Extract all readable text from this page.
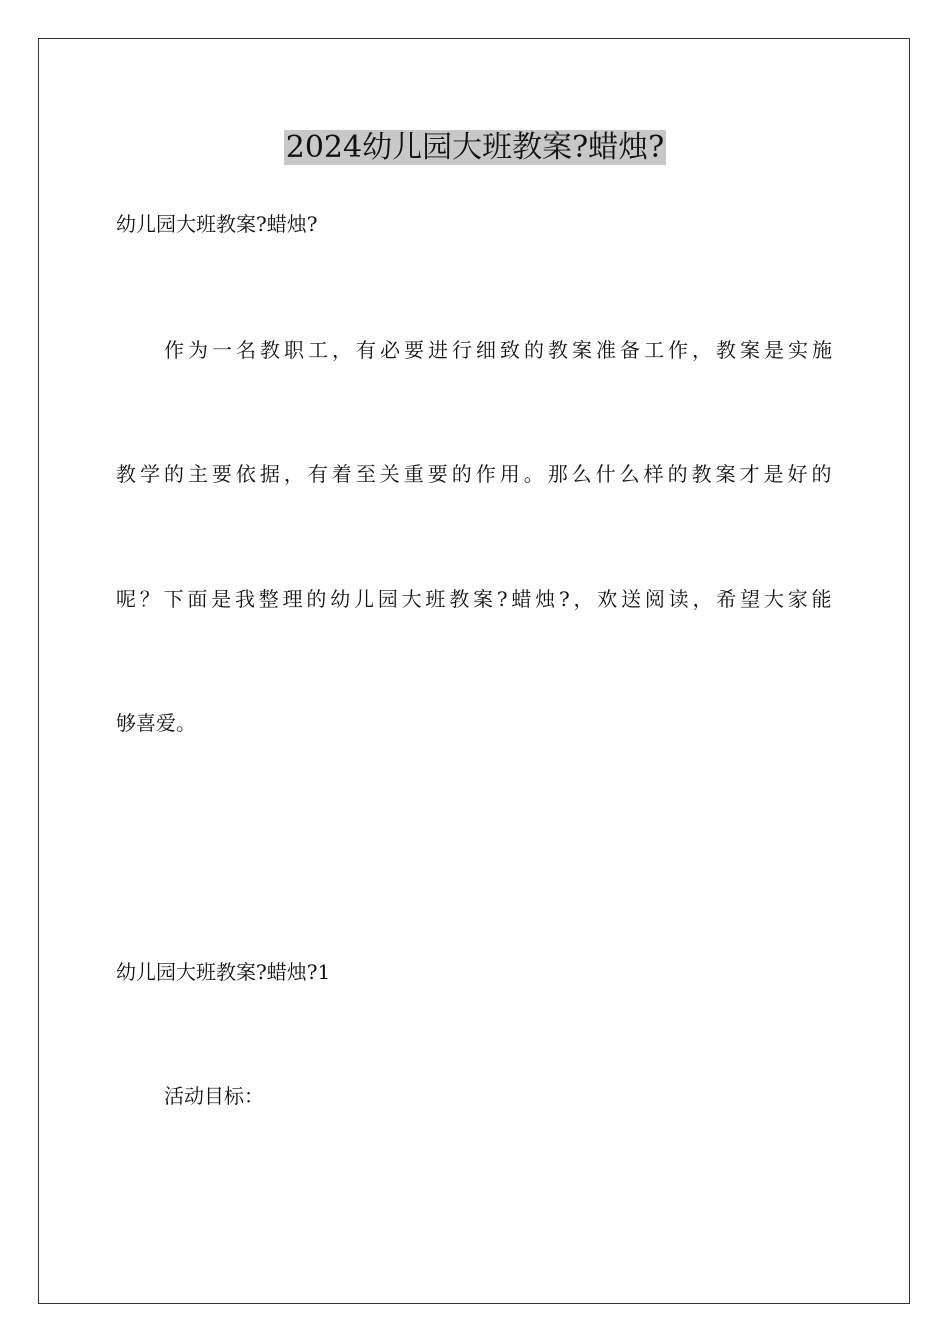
2024幼儿园大班教案?蜡烛?
幼儿园大班教案?蜡烛?
作为一名教职工，有必要进行细致的教案准备工作，教案是实施
教学的主要依据，有着至关重要的作用。那么什么样的教案才是好的
呢？下面是我整理的幼儿园大班教案?蜡烛?，欢送阅读，希望大家能
够喜爱。
幼儿园大班教案?蜡烛?1
活动目标：
